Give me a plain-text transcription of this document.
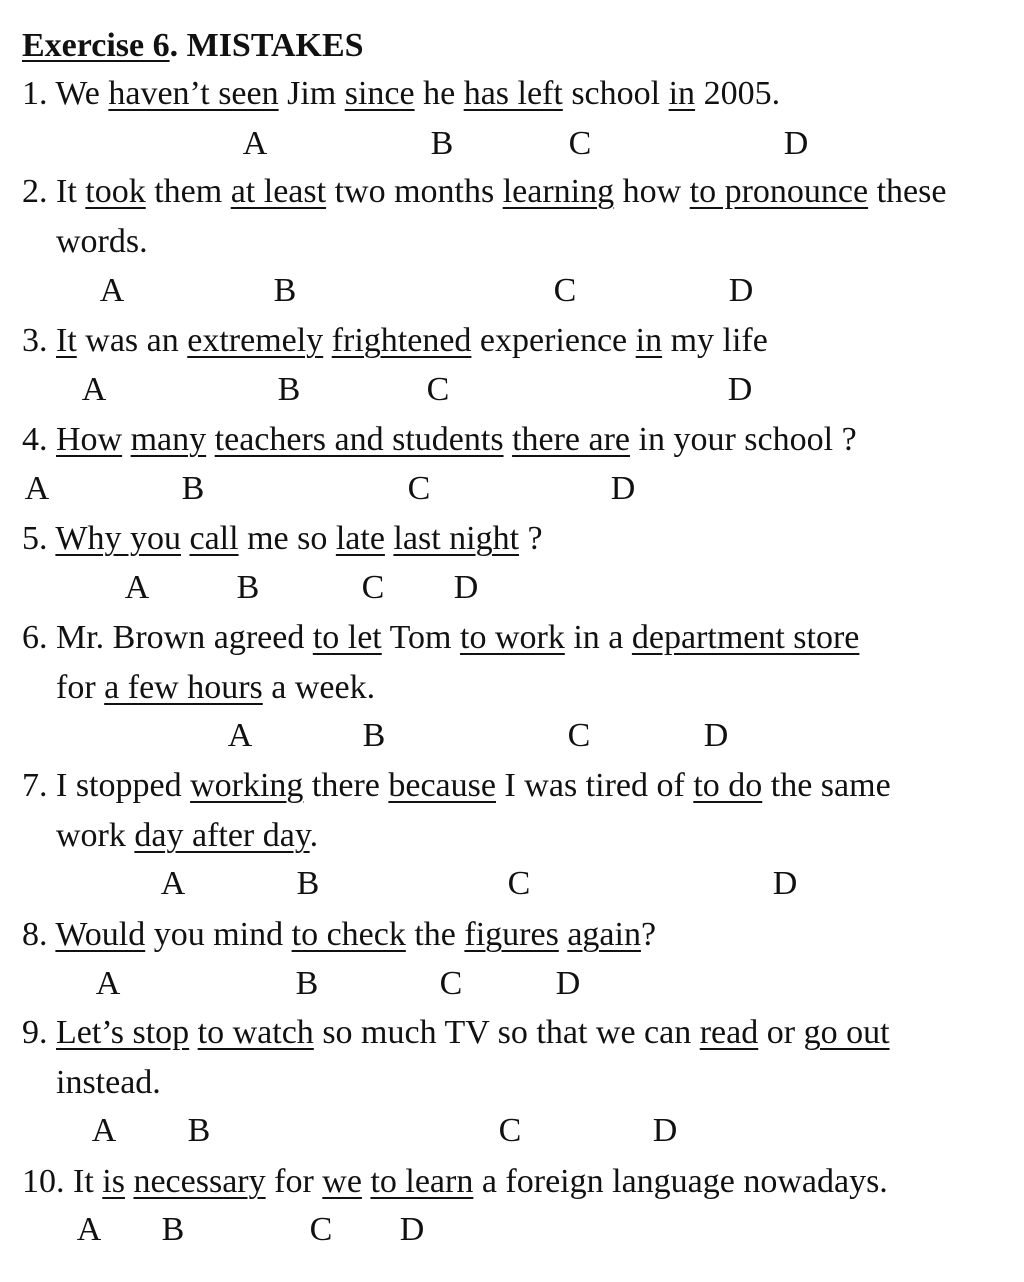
Exercise 6. MISTAKES
1. We haven’t seen Jim since he has left school in 2005.
A	B	C	D
2. It took them at least two months learning how to pronounce these
words.
A	B	C	D
3. It was an extremely frightened experience in my life
A	B	C	D
4. How many teachers and students there are in your school ?
A	B	C	D
5. Why you call me so late last night ?
A	B	C D
6. Mr. Brown agreed to let Tom to work in a department store
for a few hours a week.
A	B	C	D
7. I stopped working there because I was tired of to do the same
work day after day.
A	B	C	D
8. Would you mind to check the figures again?
A	B	C	D
9. Let’s stop to watch so much TV so that we can read or go out
instead.
A B	C	D
10. It is necessary for we to learn a foreign language nowadays.
A B	C D
